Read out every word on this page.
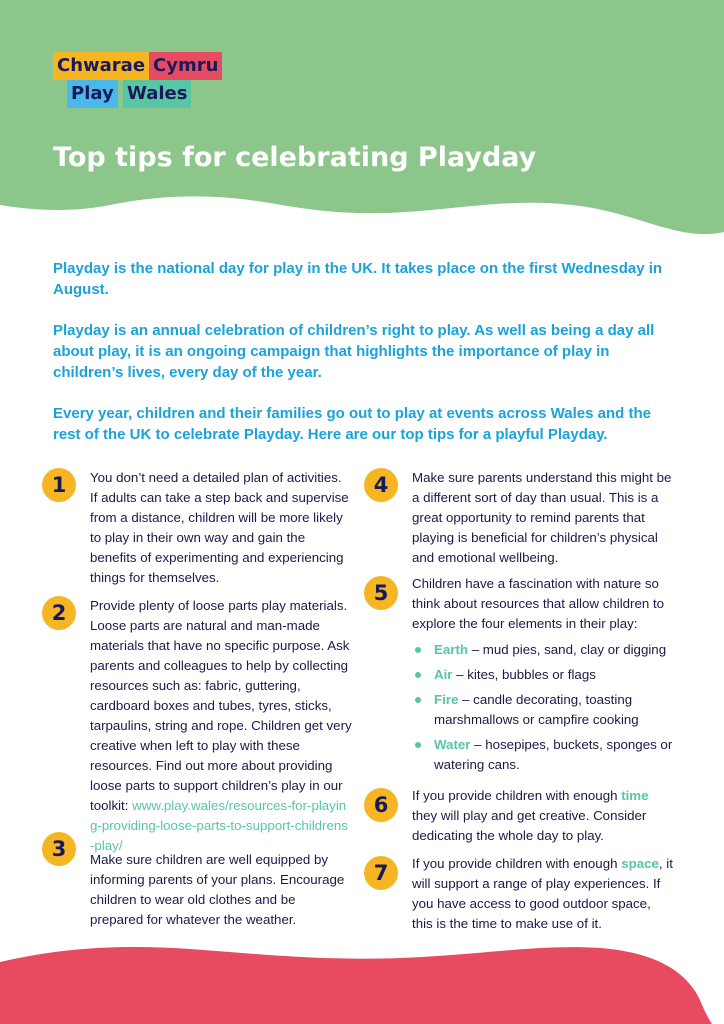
Chwarae Cymru
Play Wales
Top tips for celebrating Playday

Playday is the national day for play in the UK. It takes place on the first Wednesday in August.

Playday is an annual celebration of children’s right to play. As well as being a day all about play, it is an ongoing campaign that highlights the importance of play in children’s lives, every day of the year.

Every year, children and their families go out to play at events across Wales and the rest of the UK to celebrate Playday. Here are our top tips for a playful Playday.

1	You don’t need a detailed plan of activities. If adults can take a step back and supervise from a distance, children will be more likely to play in their own way and gain the benefits of experimenting and experiencing things for themselves.

2	Provide plenty of loose parts play materials. Loose parts are natural and man-made materials that have no specific purpose. Ask parents and colleagues to help by collecting resources such as: fabric, guttering, cardboard boxes and tubes, tyres, sticks, tarpaulins, string and rope. Children get very creative when left to play with these resources. Find out more about providing loose parts to support children’s play in our toolkit: www.play.wales/resources-for-playing-providing-loose-parts-to-support-childrens-play/

3	Make sure children are well equipped by informing parents of your plans. Encourage children to wear old clothes and be prepared for whatever the weather.

4	Make sure parents understand this might be a different sort of day than usual. This is a great opportunity to remind parents that playing is beneficial for children’s physical and emotional wellbeing.

5	Children have a fascination with nature so think about resources that allow children to explore the four elements in their play:

Earth – mud pies, sand, clay or digging
Air – kites, bubbles or flags
Fire – candle decorating, toasting marshmallows or campfire cooking
Water – hosepipes, buckets, sponges or watering cans.
6	If you provide children with enough time they will play and get creative. Consider dedicating the whole day to play.

7	If you provide children with enough space, it will support a range of play experiences. If you have access to good outdoor space, this is the time to make use of it.
